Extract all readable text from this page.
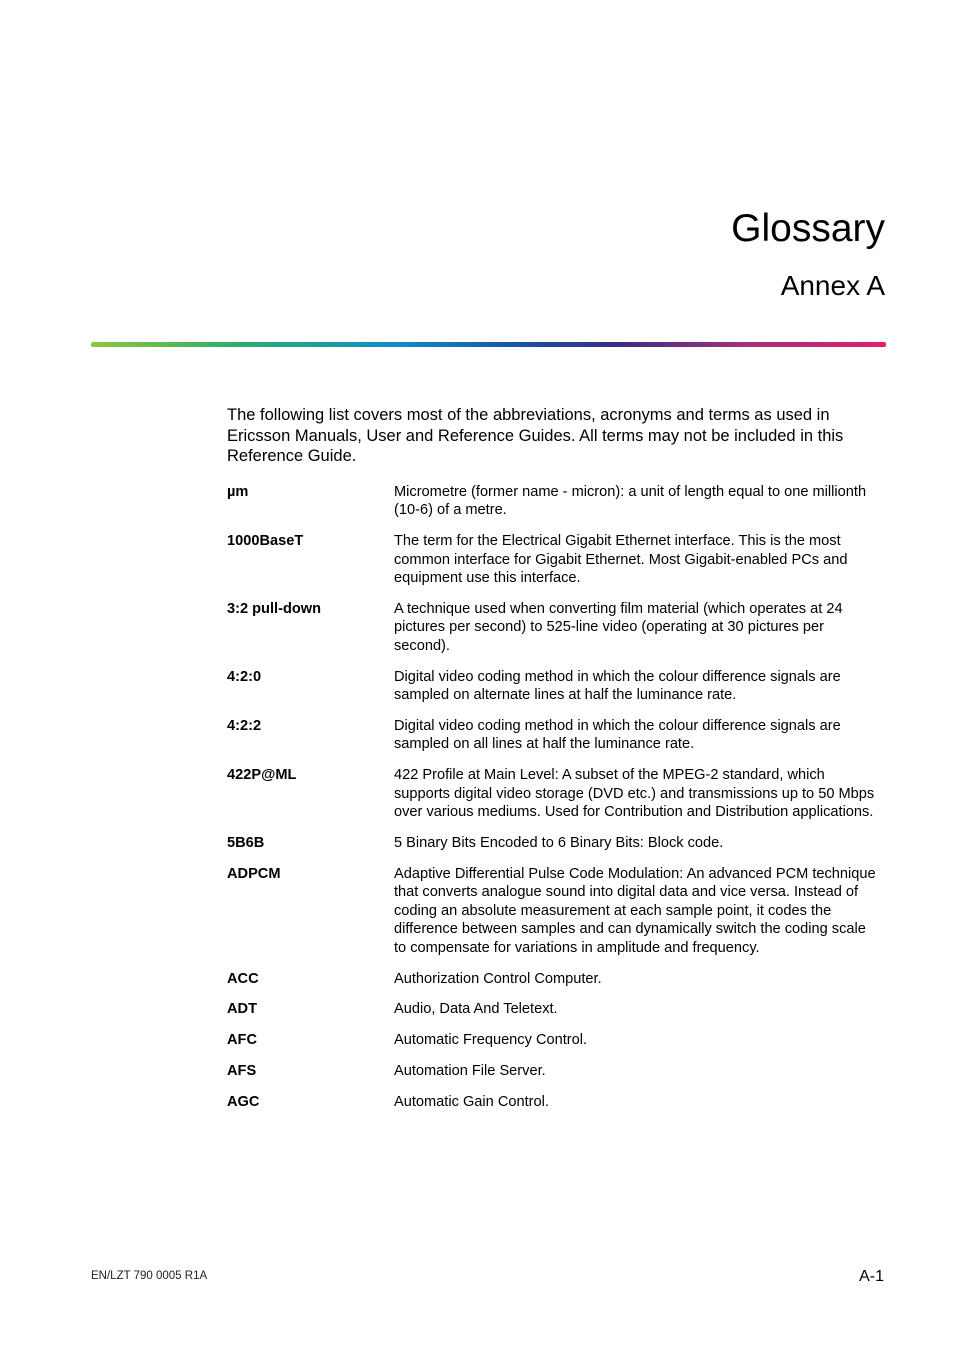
Glossary
Annex A

The following list covers most of the abbreviations, acronyms and terms as used in Ericsson Manuals, User and Reference Guides. All terms may not be included in this Reference Guide.

µm	Micrometre (former name - micron): a unit of length equal to one millionth (10-6) of a metre.
1000BaseT	The term for the Electrical Gigabit Ethernet interface. This is the most common interface for Gigabit Ethernet. Most Gigabit-enabled PCs and equipment use this interface.
3:2 pull-down	A technique used when converting film material (which operates at 24 pictures per second) to 525-line video (operating at 30 pictures per second).
4:2:0	Digital video coding method in which the colour difference signals are sampled on alternate lines at half the luminance rate.
4:2:2	Digital video coding method in which the colour difference signals are sampled on all lines at half the luminance rate.
422P@ML	422 Profile at Main Level: A subset of the MPEG-2 standard, which supports digital video storage (DVD etc.) and transmissions up to 50 Mbps over various mediums. Used for Contribution and Distribution applications.
5B6B	5 Binary Bits Encoded to 6 Binary Bits: Block code.
ADPCM	Adaptive Differential Pulse Code Modulation: An advanced PCM technique that converts analogue sound into digital data and vice versa. Instead of coding an absolute measurement at each sample point, it codes the difference between samples and can dynamically switch the coding scale to compensate for variations in amplitude and frequency.
ACC	Authorization Control Computer.
ADT	Audio, Data And Teletext.
AFC	Automatic Frequency Control.
AFS	Automation File Server.
AGC	Automatic Gain Control.
EN/LZT 790 0005 R1A	A-1
